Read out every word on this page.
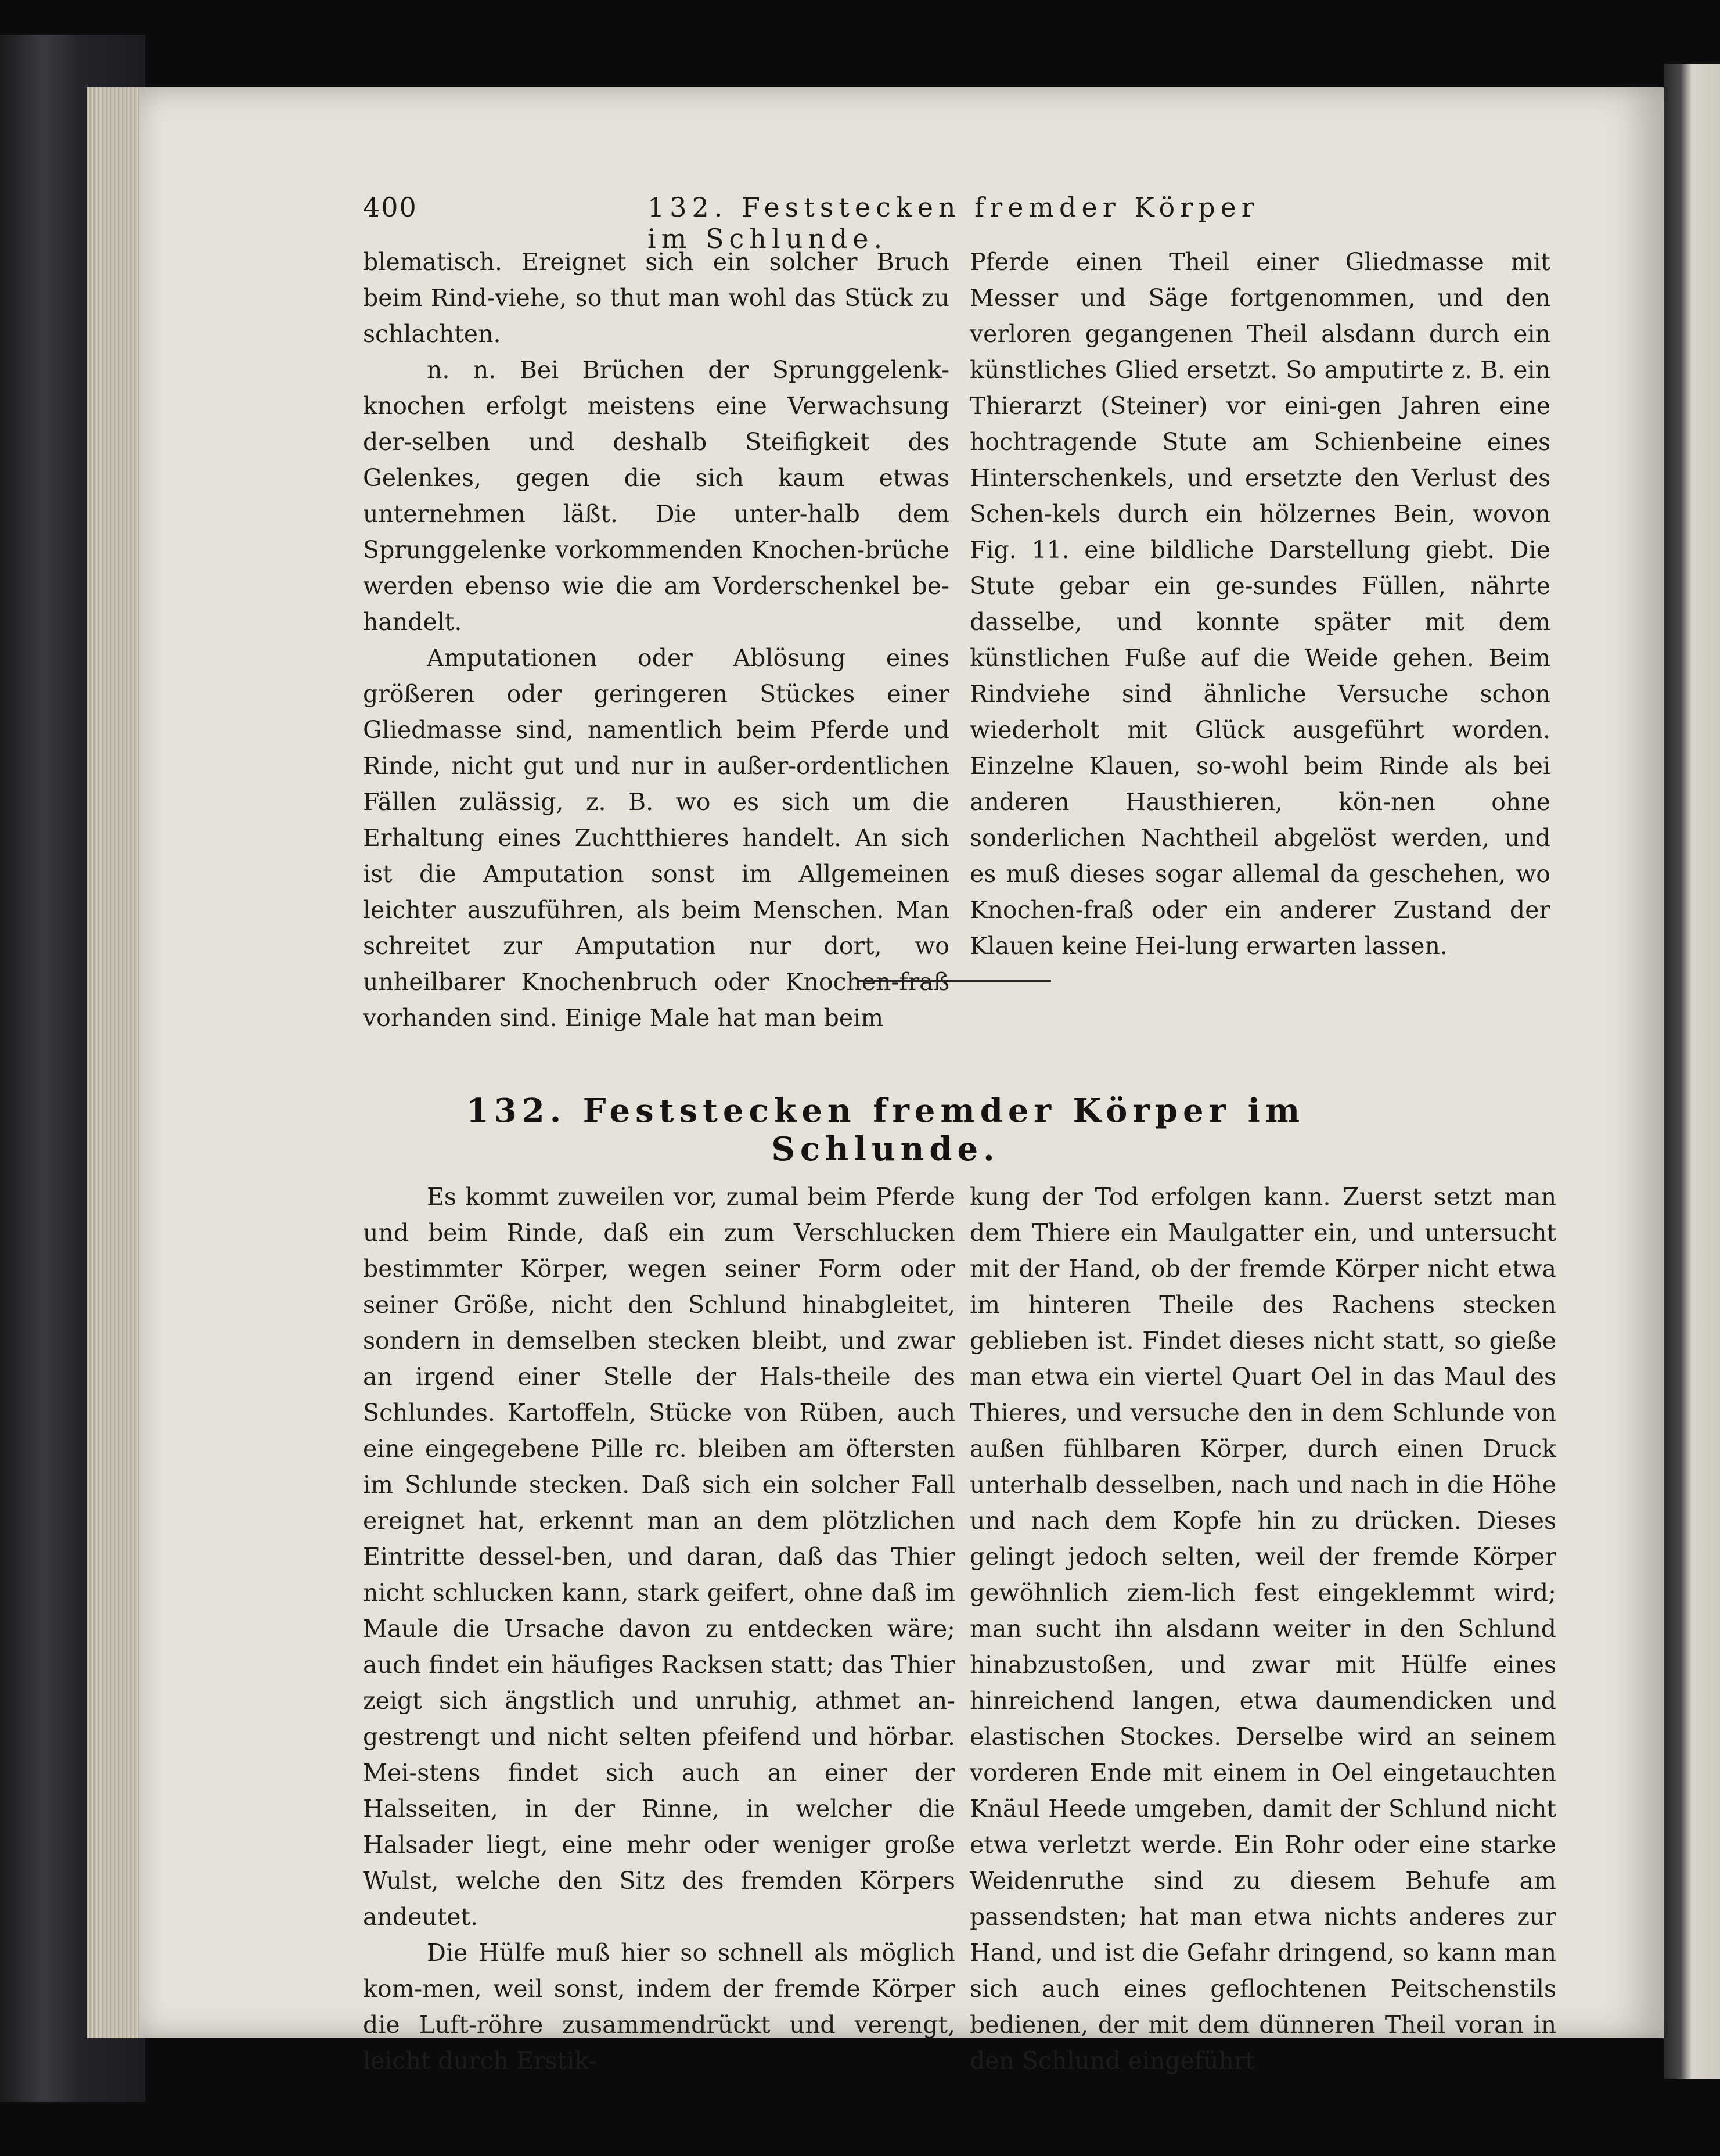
400	132. Feststecken fremder Körper im Schlunde.

blematisch. Ereignet sich ein solcher Bruch beim Rind-viehe, so thut man wohl das Stück zu schlachten.

n. n. Bei Brüchen der Sprunggelenk-knochen erfolgt meistens eine Verwachsung der-selben und deshalb Steifigkeit des Gelenkes, gegen die sich kaum etwas unternehmen läßt. Die unter-halb dem Sprunggelenke vorkommenden Knochen-brüche werden ebenso wie die am Vorderschenkel be-handelt.

Amputationen oder Ablösung eines größeren oder geringeren Stückes einer Gliedmasse sind, namentlich beim Pferde und Rinde, nicht gut und nur in außer-ordentlichen Fällen zulässig, z. B. wo es sich um die Erhaltung eines Zuchtthieres handelt. An sich ist die Amputation sonst im Allgemeinen leichter auszuführen, als beim Menschen. Man schreitet zur Amputation nur dort, wo unheilbarer Knochenbruch oder Knochen-fraß vorhanden sind. Einige Male hat man beim

Pferde einen Theil einer Gliedmasse mit Messer und Säge fortgenommen, und den verloren gegangenen Theil alsdann durch ein künstliches Glied ersetzt. So amputirte z. B. ein Thierarzt (Steiner) vor eini-gen Jahren eine hochtragende Stute am Schienbeine eines Hinterschenkels, und ersetzte den Verlust des Schen-kels durch ein hölzernes Bein, wovon Fig. 11. eine bildliche Darstellung giebt. Die Stute gebar ein ge-sundes Füllen, nährte dasselbe, und konnte später mit dem künstlichen Fuße auf die Weide gehen. Beim Rindviehe sind ähnliche Versuche schon wiederholt mit Glück ausgeführt worden. Einzelne Klauen, so-wohl beim Rinde als bei anderen Hausthieren, kön-nen ohne sonderlichen Nachtheil abgelöst werden, und es muß dieses sogar allemal da geschehen, wo Knochen-fraß oder ein anderer Zustand der Klauen keine Hei-lung erwarten lassen.

132. Feststecken fremder Körper im Schlunde.

Es kommt zuweilen vor, zumal beim Pferde und beim Rinde, daß ein zum Verschlucken bestimmter Körper, wegen seiner Form oder seiner Größe, nicht den Schlund hinabgleitet, sondern in demselben stecken bleibt, und zwar an irgend einer Stelle der Hals-theile des Schlundes. Kartoffeln, Stücke von Rüben, auch eine eingegebene Pille rc. bleiben am öftersten im Schlunde stecken. Daß sich ein solcher Fall ereignet hat, erkennt man an dem plötzlichen Eintritte dessel-ben, und daran, daß das Thier nicht schlucken kann, stark geifert, ohne daß im Maule die Ursache davon zu entdecken wäre; auch findet ein häufiges Racksen statt; das Thier zeigt sich ängstlich und unruhig, athmet an-gestrengt und nicht selten pfeifend und hörbar. Mei-stens findet sich auch an einer der Halsseiten, in der Rinne, in welcher die Halsader liegt, eine mehr oder weniger große Wulst, welche den Sitz des fremden Körpers andeutet.

Die Hülfe muß hier so schnell als möglich kom-men, weil sonst, indem der fremde Körper die Luft-röhre zusammendrückt und verengt, leicht durch Erstik-

kung der Tod erfolgen kann. Zuerst setzt man dem Thiere ein Maulgatter ein, und untersucht mit der Hand, ob der fremde Körper nicht etwa im hinteren Theile des Rachens stecken geblieben ist. Findet dieses nicht statt, so gieße man etwa ein viertel Quart Oel in das Maul des Thieres, und versuche den in dem Schlunde von außen fühlbaren Körper, durch einen Druck unterhalb desselben, nach und nach in die Höhe und nach dem Kopfe hin zu drücken. Dieses gelingt jedoch selten, weil der fremde Körper gewöhnlich ziem-lich fest eingeklemmt wird; man sucht ihn alsdann weiter in den Schlund hinabzustoßen, und zwar mit Hülfe eines hinreichend langen, etwa daumendicken und elastischen Stockes. Derselbe wird an seinem vorderen Ende mit einem in Oel eingetauchten Knäul Heede umgeben, damit der Schlund nicht etwa verletzt werde. Ein Rohr oder eine starke Weidenruthe sind zu diesem Behufe am passendsten; hat man etwa nichts anderes zur Hand, und ist die Gefahr dringend, so kann man sich auch eines geflochtenen Peitschenstils bedienen, der mit dem dünneren Theil voran in den Schlund eingeführt
